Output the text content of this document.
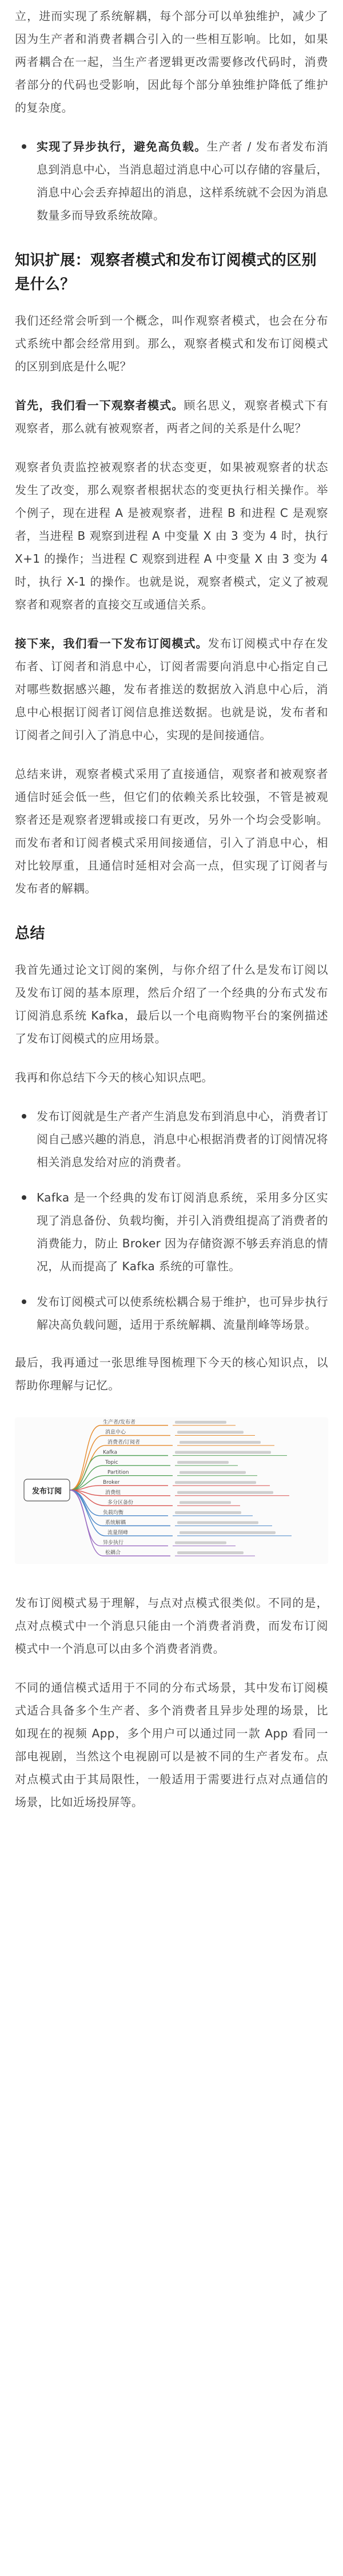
立，进而实现了系统解耦，每个部分可以单独维护，减少了因为生产者和消费者耦合引入的一些相互影响。比如，如果两者耦合在一起，当生产者逻辑更改需要修改代码时，消费者部分的代码也受影响，因此每个部分单独维护降低了维护的复杂度。

实现了异步执行，避免高负载。生产者 / 发布者发布消息到消息中心，当消息超过消息中心可以存储的容量后，消息中心会丢弃掉超出的消息，这样系统就不会因为消息数量多而导致系统故障。
知识扩展：观察者模式和发布订阅模式的区别是什么？

我们还经常会听到一个概念，叫作观察者模式，也会在分布式系统中都会经常用到。那么，观察者模式和发布订阅模式的区别到底是什么呢？

首先，我们看一下观察者模式。顾名思义，观察者模式下有观察者，那么就有被观察者，两者之间的关系是什么呢？

观察者负责监控被观察者的状态变更，如果被观察者的状态发生了改变，那么观察者根据状态的变更执行相关操作。举个例子，现在进程 A 是被观察者，进程 B 和进程 C 是观察者，当进程 B 观察到进程 A 中变量 X 由 3 变为 4 时，执行 X+1 的操作；当进程 C 观察到进程 A 中变量 X 由 3 变为 4 时，执行 X-1 的操作。也就是说，观察者模式，定义了被观察者和观察者的直接交互或通信关系。

接下来，我们看一下发布订阅模式。发布订阅模式中存在发布者、订阅者和消息中心，订阅者需要向消息中心指定自己对哪些数据感兴趣，发布者推送的数据放入消息中心后，消息中心根据订阅者订阅信息推送数据。也就是说，发布者和订阅者之间引入了消息中心，实现的是间接通信。

总结来讲，观察者模式采用了直接通信，观察者和被观察者通信时延会低一些，但它们的依赖关系比较强，不管是被观察者还是观察者逻辑或接口有更改，另外一个均会受影响。而发布者和订阅者模式采用间接通信，引入了消息中心，相对比较厚重，且通信时延相对会高一点，但实现了订阅者与发布者的解耦。

总结

我首先通过论文订阅的案例，与你介绍了什么是发布订阅以及发布订阅的基本原理，然后介绍了一个经典的分布式发布订阅消息系统 Kafka，最后以一个电商购物平台的案例描述了发布订阅模式的应用场景。

我再和你总结下今天的核心知识点吧。

发布订阅就是生产者产生消息发布到消息中心，消费者订阅自己感兴趣的消息，消息中心根据消费者的订阅情况将相关消息发给对应的消费者。
Kafka 是一个经典的发布订阅消息系统，采用多分区实现了消息备份、负载均衡，并引入消费组提高了消费者的消费能力，防止 Broker 因为存储资源不够丢弃消息的情况，从而提高了 Kafka 系统的可靠性。
发布订阅模式可以使系统松耦合易于维护，也可异步执行解决高负载问题，适用于系统解耦、流量削峰等场景。

最后，我再通过一张思维导图梳理下今天的核心知识点，以帮助你理解与记忆。

发布订阅
生产者/发布者
消息中心
消费者/订阅者
Kafka
Topic
Partition
Broker
消费组
多分区备份
负载均衡
系统解耦
流量削峰
异步执行
松耦合

发布订阅模式易于理解，与点对点模式很类似。不同的是，点对点模式中一个消息只能由一个消费者消费，而发布订阅模式中一个消息可以由多个消费者消费。

不同的通信模式适用于不同的分布式场景，其中发布订阅模式适合具备多个生产者、多个消费者且异步处理的场景，比如现在的视频 App，多个用户可以通过同一款 App 看同一部电视剧，当然这个电视剧可以是被不同的生产者发布。点对点模式由于其局限性，一般适用于需要进行点对点通信的场景，比如近场投屏等。
